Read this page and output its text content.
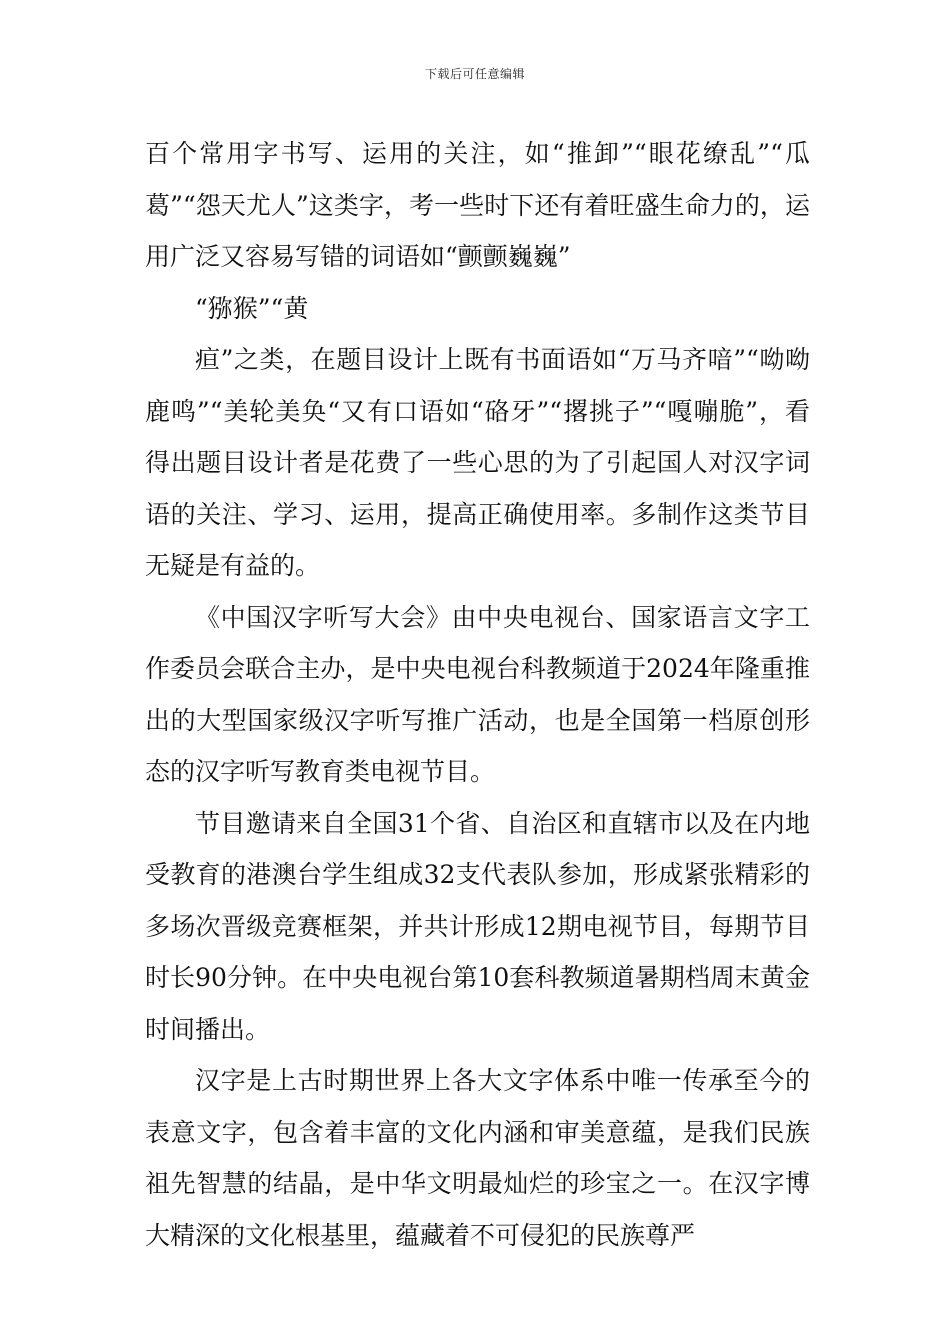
下载后可任意编辑

百个常用字书写、运用的关注，如“推卸”“眼花缭乱”“瓜葛”“怨天尤人”这类字，考一些时下还有着旺盛生命力的，运用广泛又容易写错的词语如“颤颤巍巍”

“猕猴”“黄

疸”之类，在题目设计上既有书面语如“万马齐喑”“呦呦鹿鸣”“美轮美奂“又有口语如“硌牙”“撂挑子”“嘎嘣脆”，看得出题目设计者是花费了一些心思的为了引起国人对汉字词语的关注、学习、运用，提高正确使用率。多制作这类节目无疑是有益的。

《中国汉字听写大会》由中央电视台、国家语言文字工作委员会联合主办，是中央电视台科教频道于2024年隆重推出的大型国家级汉字听写推广活动，也是全国第一档原创形态的汉字听写教育类电视节目。

节目邀请来自全国31个省、自治区和直辖市以及在内地受教育的港澳台学生组成32支代表队参加，形成紧张精彩的多场次晋级竞赛框架，并共计形成12期电视节目，每期节目时长90分钟。在中央电视台第10套科教频道暑期档周末黄金时间播出。

汉字是上古时期世界上各大文字体系中唯一传承至今的表意文字，包含着丰富的文化内涵和审美意蕴，是我们民族祖先智慧的结晶，是中华文明最灿烂的珍宝之一。在汉字博大精深的文化根基里，蕴藏着不可侵犯的民族尊严
